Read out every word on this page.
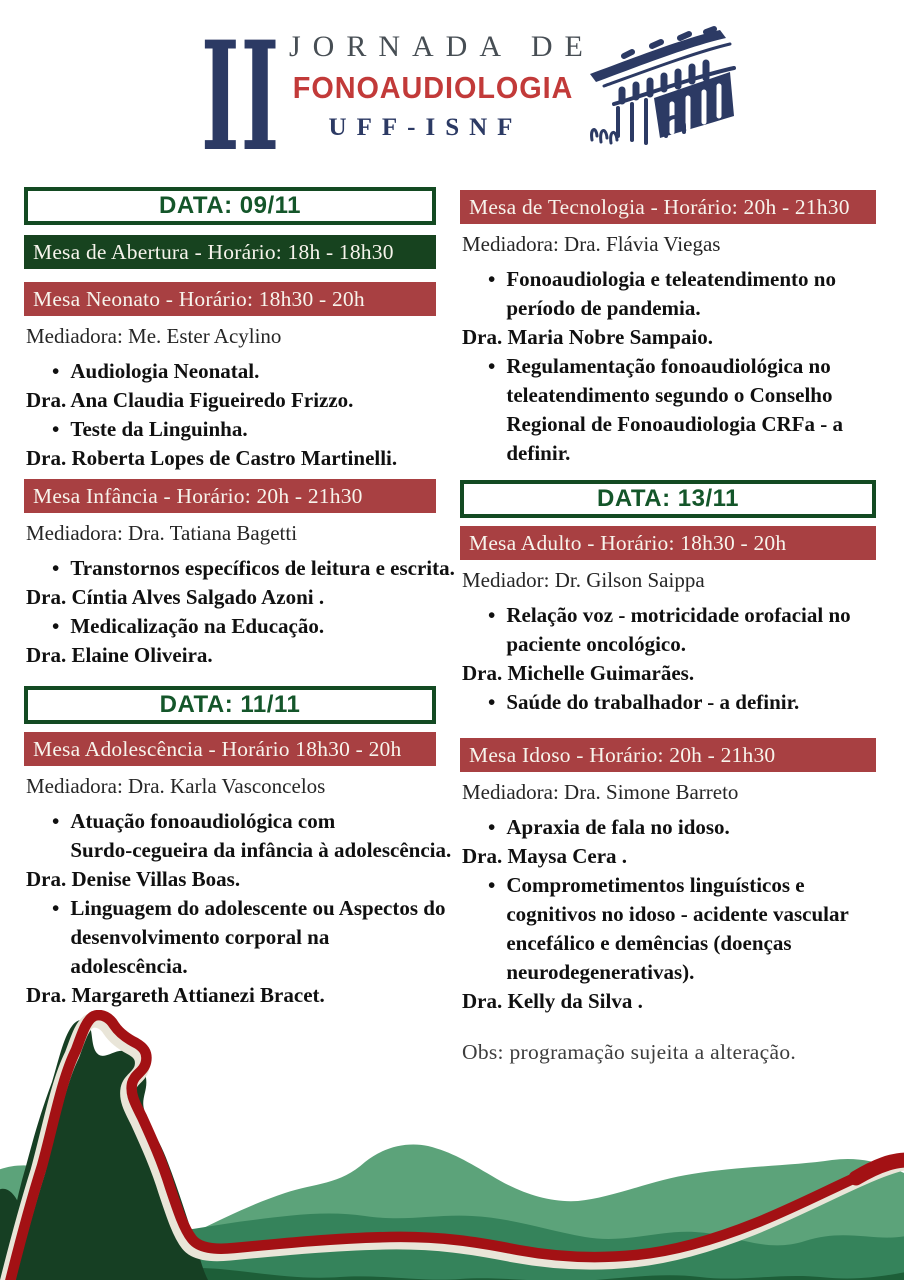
II JORNADA DE
FONOAUDIOLOGIA
UFF-ISNF
DATA: 09/11
Mesa de Abertura - Horário: 18h - 18h30
Mesa Neonato - Horário: 18h30 - 20h
Mediadora: Me. Ester Acylino
• Audiologia Neonatal.
Dra. Ana Claudia Figueiredo Frizzo.
• Teste da Linguinha.
Dra. Roberta Lopes de Castro Martinelli.
Mesa Infância - Horário: 20h - 21h30
Mediadora: Dra. Tatiana Bagetti
• Transtornos específicos de leitura e escrita.
Dra. Cíntia Alves Salgado Azoni .
• Medicalização na Educação.
Dra. Elaine Oliveira.
DATA: 11/11
Mesa Adolescência - Horário 18h30 - 20h
Mediadora: Dra. Karla Vasconcelos
• Atuação fonoaudiológica com
Surdo-cegueira da infância à adolescência.
Dra. Denise Villas Boas.
• Linguagem do adolescente ou Aspectos do
desenvolvimento corporal na
adolescência.
Dra. Margareth Attianezi Bracet.
Mesa de Tecnologia - Horário: 20h - 21h30
Mediadora: Dra. Flávia Viegas
• Fonoaudiologia e teleatendimento no
período de pandemia.
Dra. Maria Nobre Sampaio.
• Regulamentação fonoaudiológica no
teleatendimento segundo o Conselho
Regional de Fonoaudiologia CRFa - a
definir.
DATA: 13/11
Mesa Adulto - Horário: 18h30 - 20h
Mediador: Dr. Gilson Saippa
• Relação voz - motricidade orofacial no
paciente oncológico.
Dra. Michelle Guimarães.
• Saúde do trabalhador - a definir.
Mesa Idoso - Horário: 20h - 21h30
Mediadora: Dra. Simone Barreto
• Apraxia de fala no idoso.
Dra. Maysa Cera .
• Comprometimentos linguísticos e
cognitivos no idoso - acidente vascular
encefálico e demências (doenças
neurodegenerativas).
Dra. Kelly da Silva .
Obs: programação sujeita a alteração.
